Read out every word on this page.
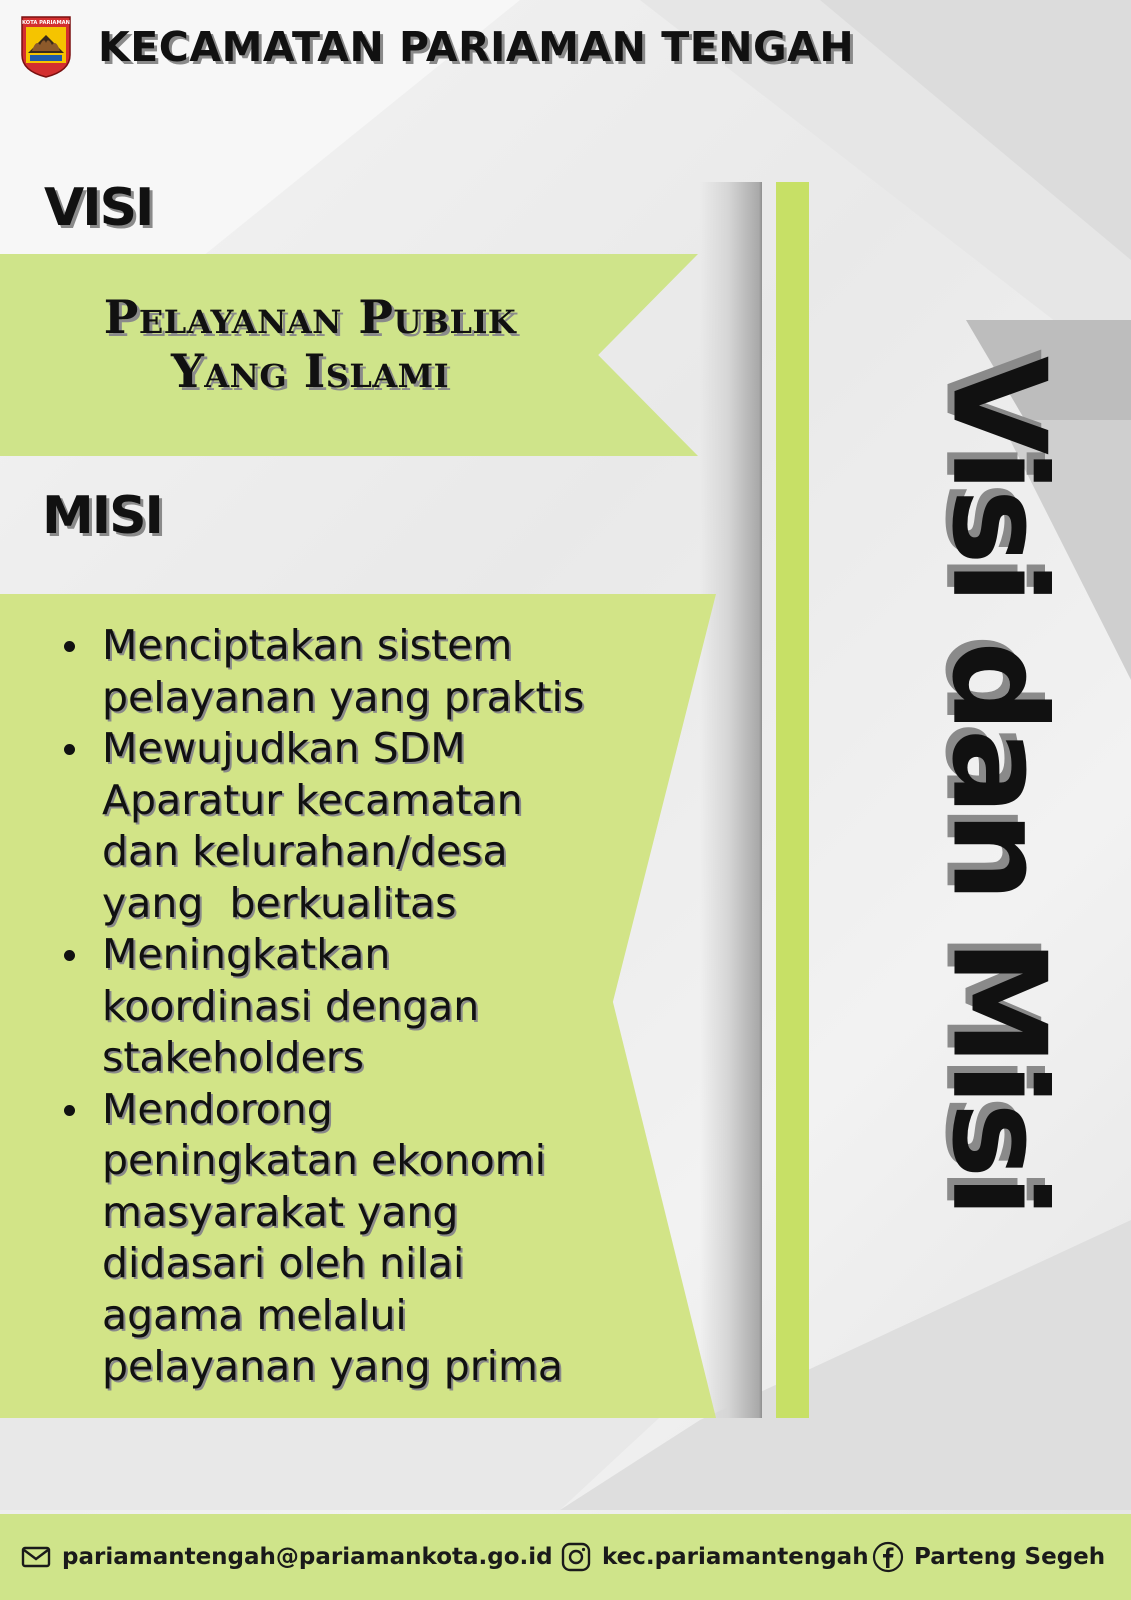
KOTA PARIAMAN KECAMATAN PARIAMAN TENGAH
VISI
Pelayanan Publik
Yang Islami
MISI
Menciptakan sistem
pelayanan yang praktis
Mewujudkan SDM
Aparatur kecamatan
dan kelurahan/desa
yang  berkualitas
Meningkatkan
koordinasi dengan
stakeholders
Mendorong
peningkatan ekonomi
masyarakat yang
didasari oleh nilai
agama melalui
pelayanan yang prima
Visi dan Misi
pariamantengah@pariamankota.go.id kec.pariamantengah Parteng Segeh
